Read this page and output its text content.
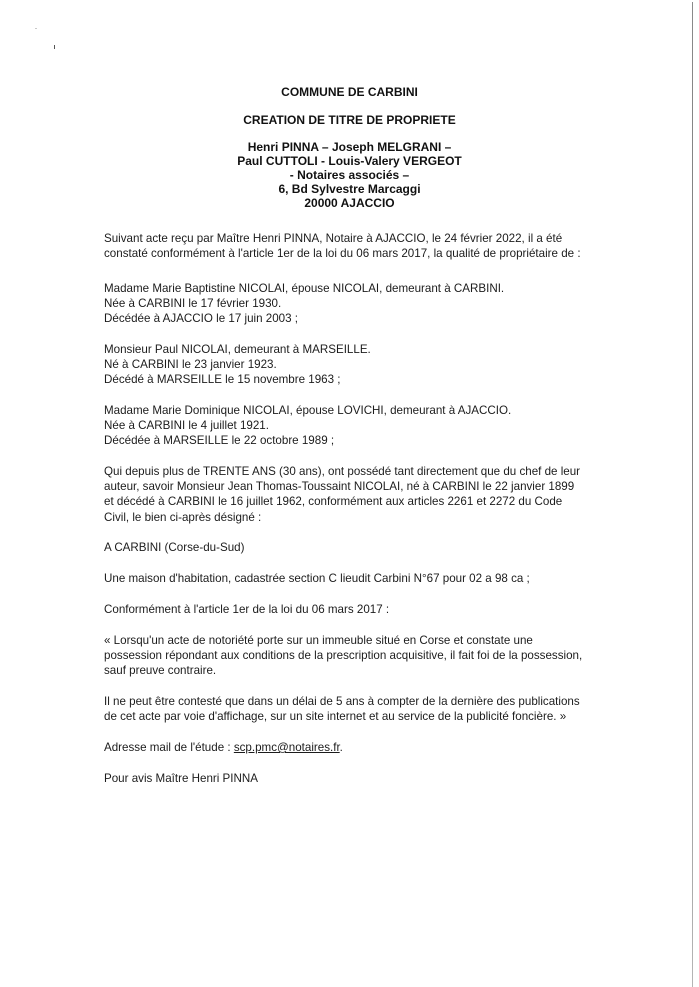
COMMUNE DE CARBINI
CREATION DE TITRE DE PROPRIETE
Henri PINNA – Joseph MELGRANI –
Paul CUTTOLI - Louis-Valery VERGEOT
- Notaires associés –
6, Bd Sylvestre Marcaggi
20000 AJACCIO
Suivant acte reçu par Maître Henri PINNA, Notaire à AJACCIO, le 24 février 2022, il a été
constaté conformément à l'article 1er de la loi du 06 mars 2017, la qualité de propriétaire de :
Madame Marie Baptistine NICOLAI, épouse NICOLAI, demeurant à CARBINI.
Née à CARBINI le 17 février 1930.
Décédée à AJACCIO le 17 juin 2003 ;
Monsieur Paul NICOLAI, demeurant à MARSEILLE.
Né à CARBINI le 23 janvier 1923.
Décédé à MARSEILLE le 15 novembre 1963 ;
Madame Marie Dominique NICOLAI, épouse LOVICHI, demeurant à AJACCIO.
Née à CARBINI le 4 juillet 1921.
Décédée à MARSEILLE le 22 octobre 1989 ;
Qui depuis plus de TRENTE ANS (30 ans), ont possédé tant directement que du chef de leur
auteur, savoir Monsieur Jean Thomas-Toussaint NICOLAI, né à CARBINI le 22 janvier 1899
et décédé à CARBINI le 16 juillet 1962, conformément aux articles 2261 et 2272 du Code
Civil, le bien ci-après désigné :
A CARBINI (Corse-du-Sud)
Une maison d'habitation, cadastrée section C lieudit Carbini N°67 pour 02 a 98 ca ;
Conformément à l'article 1er de la loi du 06 mars 2017 :
« Lorsqu'un acte de notoriété porte sur un immeuble situé en Corse et constate une
possession répondant aux conditions de la prescription acquisitive, il fait foi de la possession,
sauf preuve contraire.
Il ne peut être contesté que dans un délai de 5 ans à compter de la dernière des publications
de cet acte par voie d'affichage, sur un site internet et au service de la publicité foncière. »
Adresse mail de l'étude : scp.pmc@notaires.fr.
Pour avis Maître Henri PINNA
